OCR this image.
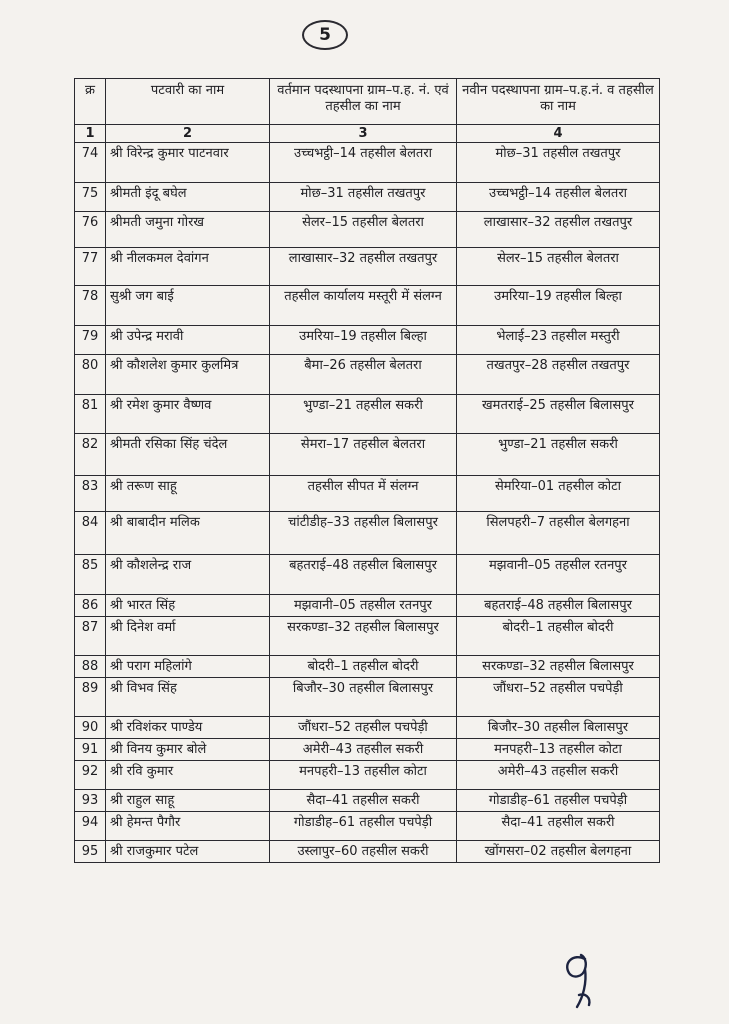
5
क्र	पटवारी का नाम	वर्तमान पदस्थापना ग्राम–प.ह. नं. एवं तहसील का नाम	नवीन पदस्थापना ग्राम–प.ह.नं. व तहसील का नाम
1	2	3	4
74	श्री विरेन्द्र कुमार पाटनवार	उच्चभट्ठी–14 तहसील बेलतरा	मोछ–31 तहसील तखतपुर
75	श्रीमती इंदू बघेल	मोछ–31 तहसील तखतपुर	उच्चभट्ठी–14 तहसील बेलतरा
76	श्रीमती जमुना गोरख	सेलर–15 तहसील बेलतरा	लाखासार–32 तहसील तखतपुर
77	श्री नीलकमल देवांगन	लाखासार–32 तहसील तखतपुर	सेलर–15 तहसील बेलतरा
78	सुश्री जग बाई	तहसील कार्यालय मस्तूरी में संलग्न	उमरिया–19 तहसील बिल्हा
79	श्री उपेन्द्र मरावी	उमरिया–19 तहसील बिल्हा	भेलाई–23 तहसील मस्तुरी
80	श्री कौशलेश कुमार कुलमित्र	बैमा–26 तहसील बेलतरा	तखतपुर–28 तहसील तखतपुर
81	श्री रमेश कुमार वैष्णव	भुण्डा–21 तहसील सकरी	खमतराई–25 तहसील बिलासपुर
82	श्रीमती रसिका सिंह चंदेल	सेमरा–17 तहसील बेलतरा	भुण्डा–21 तहसील सकरी
83	श्री तरूण साहू	तहसील सीपत में संलग्न	सेमरिया–01 तहसील कोटा
84	श्री बाबादीन मलिक	चांटीडीह–33 तहसील बिलासपुर	सिलपहरी–7 तहसील बेलगहना
85	श्री कौशलेन्द्र राज	बहतराई–48 तहसील बिलासपुर	मझवानी–05 तहसील रतनपुर
86	श्री भारत सिंह	मझवानी–05 तहसील रतनपुर	बहतराई–48 तहसील बिलासपुर
87	श्री दिनेश वर्मा	सरकण्डा–32 तहसील बिलासपुर	बोदरी–1 तहसील बोदरी
88	श्री पराग महिलांगे	बोदरी–1 तहसील बोदरी	सरकण्डा–32 तहसील बिलासपुर
89	श्री विभव सिंह	बिजौर–30 तहसील बिलासपुर	जौंधरा–52 तहसील पचपेड़ी
90	श्री रविशंकर पाण्डेय	जौंधरा–52 तहसील पचपेड़ी	बिजौर–30 तहसील बिलासपुर
91	श्री विनय कुमार बोले	अमेरी–43 तहसील सकरी	मनपहरी–13 तहसील कोटा
92	श्री रवि कुमार	मनपहरी–13 तहसील कोटा	अमेरी–43 तहसील सकरी
93	श्री राहुल साहू	सैदा–41 तहसील सकरी	गोडाडीह–61 तहसील पचपेड़ी
94	श्री हेमन्त पैगौर	गोडाडीह–61 तहसील पचपेड़ी	सैदा–41 तहसील सकरी
95	श्री राजकुमार पटेल	उस्लापुर–60 तहसील सकरी	खोंगसरा–02 तहसील बेलगहना
